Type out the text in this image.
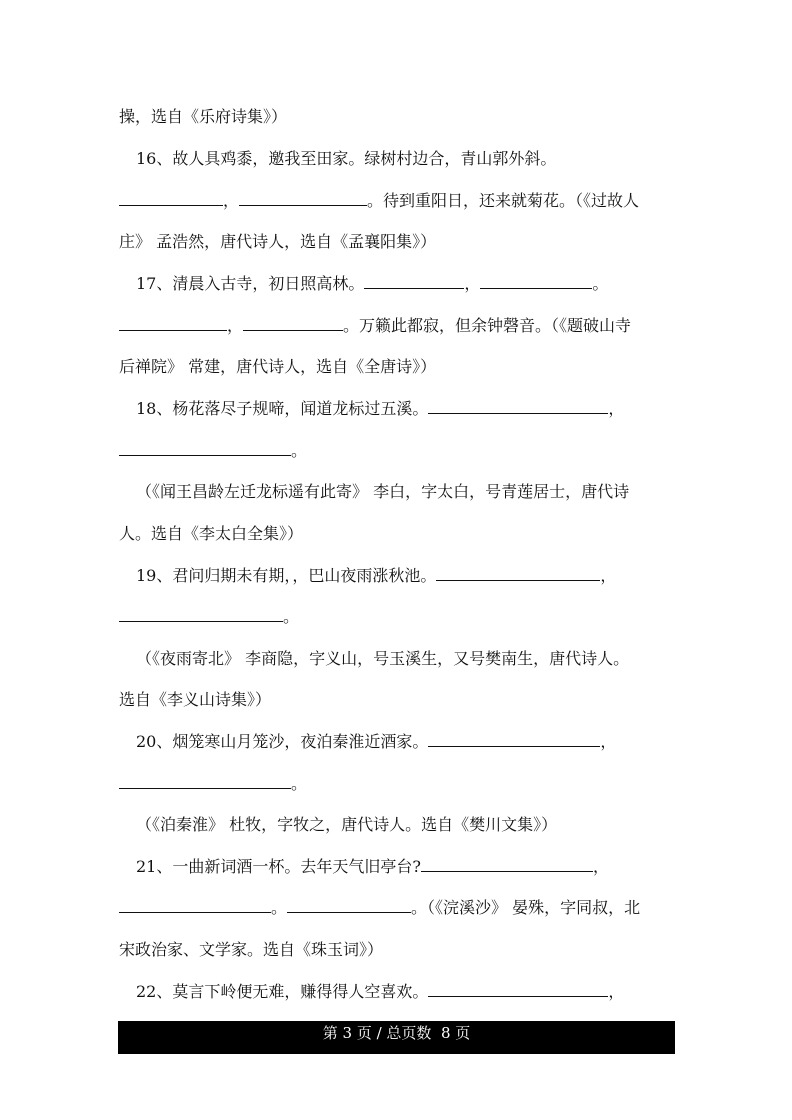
操，选自《乐府诗集》）
16、故人具鸡黍，邀我至田家。绿树村边合，青山郭外斜。
，	。待到重阳日，还来就菊花。（《过故人
庄》 孟浩然，唐代诗人，选自《孟襄阳集》）
17、清晨入古寺，初日照高林。	，	。
，	。万籁此都寂，但余钟磬音。（《题破山寺
后禅院》 常建，唐代诗人，选自《全唐诗》）
18、杨花落尽子规啼，闻道龙标过五溪。	，
。
（《闻王昌龄左迁龙标遥有此寄》 李白，字太白，号青莲居士，唐代诗
人。选自《李太白全集》）
19、君问归期未有期，，巴山夜雨涨秋池。	，
。
（《夜雨寄北》 李商隐，字义山，号玉溪生，又号樊南生，唐代诗人。
选自《李义山诗集》）
20、烟笼寒山月笼沙，夜泊秦淮近酒家。	，
。
（《泊秦淮》 杜牧，字牧之，唐代诗人。选自《樊川文集》）
21、一曲新词酒一杯。去年天气旧亭台?	，
。	。（《浣溪沙》 晏殊，字同叔，北
宋政治家、文学家。选自《珠玉词》）
22、莫言下岭便无难，赚得得人空喜欢。	，
第 3 页 / 总页数 8 页
